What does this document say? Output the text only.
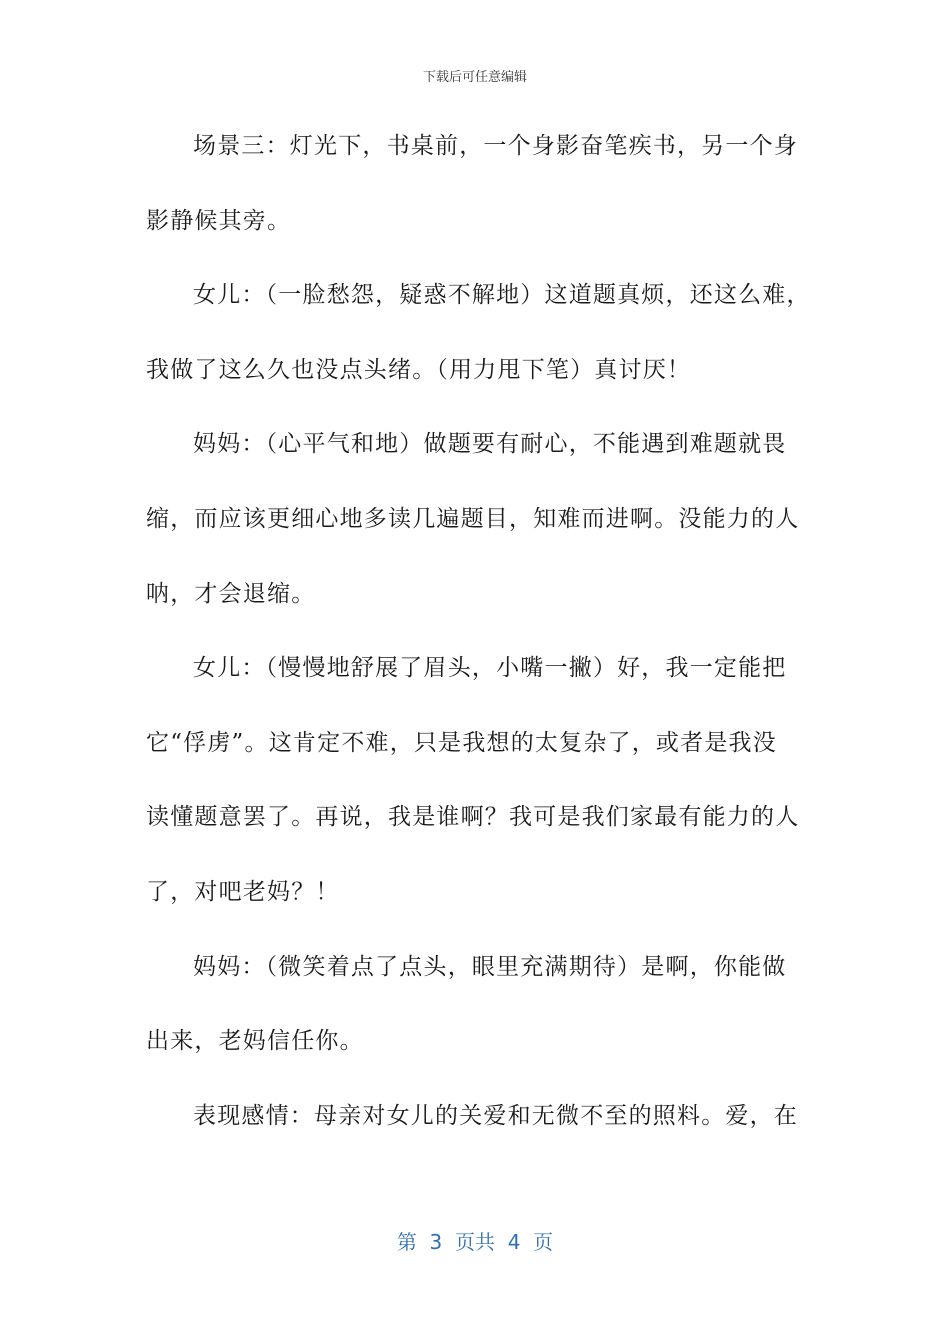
下载后可任意编辑
场景三：灯光下，书桌前，一个身影奋笔疾书，另一个身
影静候其旁。
女儿：（一脸愁怨，疑惑不解地）这道题真烦，还这么难，
我做了这么久也没点头绪。（用力甩下笔）真讨厌！
妈妈：（心平气和地）做题要有耐心，不能遇到难题就畏
缩，而应该更细心地多读几遍题目，知难而进啊。没能力的人
呐，才会退缩。
女儿：（慢慢地舒展了眉头，小嘴一撇）好，我一定能把
它“俘虏”。这肯定不难，只是我想的太复杂了，或者是我没
读懂题意罢了。再说，我是谁啊？我可是我们家最有能力的人
了，对吧老妈？！
妈妈：（微笑着点了点头，眼里充满期待）是啊，你能做
出来，老妈信任你。
表现感情：母亲对女儿的关爱和无微不至的照料。爱，在
第  3  页共  4  页
